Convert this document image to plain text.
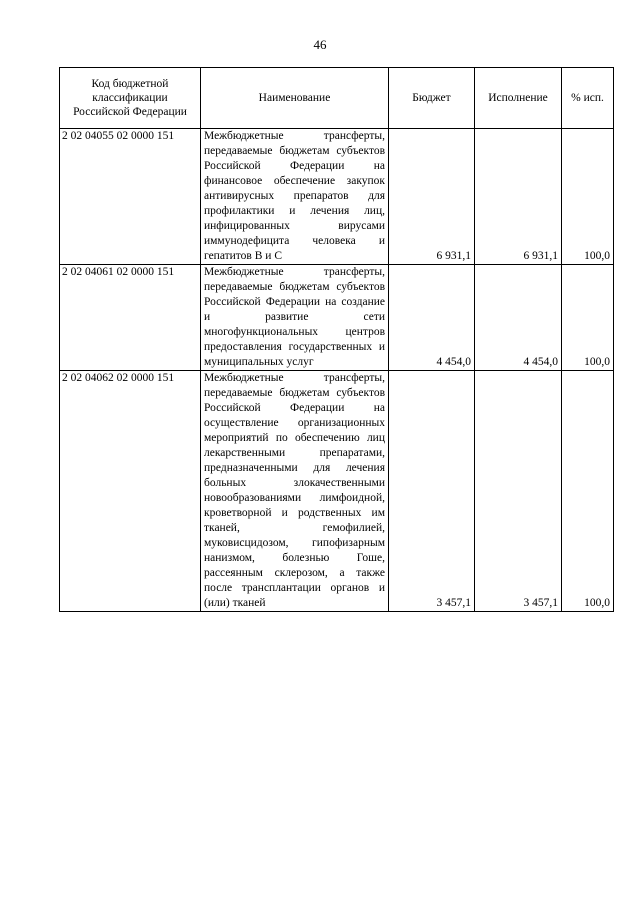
46
Код бюджетной классификации Российской Федерации	Наименование	Бюджет	Исполнение	% исп.
2 02 04055 02 0000 151	Межбюджетные трансферты, передаваемые бюджетам субъектов Российской Федерации на финансовое обеспечение закупок антивирусных препаратов для профилактики и лечения лиц, инфицированных вирусами иммунодефицита человека и гепатитов В и С	6 931,1	6 931,1	100,0
2 02 04061 02 0000 151	Межбюджетные трансферты, передаваемые бюджетам субъектов Российской Федерации на создание и развитие сети многофункциональных центров предоставления государственных и муниципальных услуг	4 454,0	4 454,0	100,0
2 02 04062 02 0000 151	Межбюджетные трансферты, передаваемые бюджетам субъектов Российской Федерации на осуществление организационных мероприятий по обеспечению лиц лекарственными препаратами, предназначенными для лечения больных злокачественными новообразованиями лимфоидной, кроветворной и родственных им тканей, гемофилией, муковисцидозом, гипофизарным нанизмом, болезнью Гоше, рассеянным склерозом, а также после трансплантации органов и (или) тканей	3 457,1	3 457,1	100,0
